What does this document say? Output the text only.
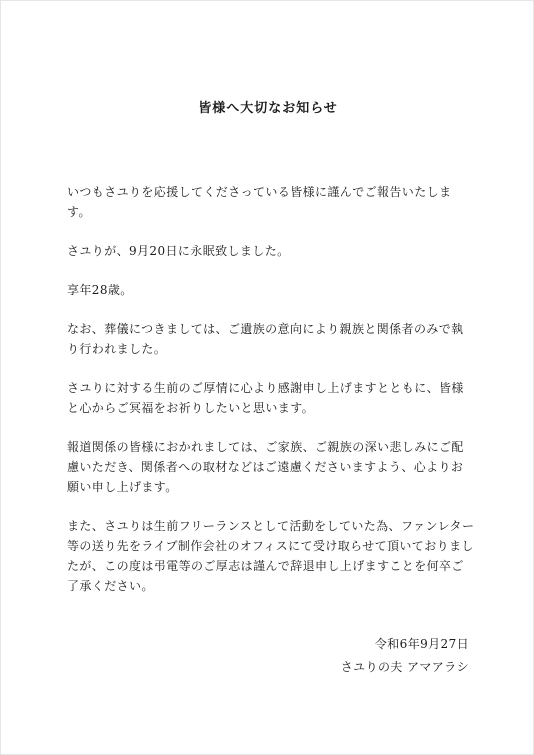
皆様へ大切なお知らせ

いつもさユりを応援してくださっている皆様に謹んでご報告いたします。

さユりが、9月20日に永眠致しました。

享年28歳。

なお、葬儀につきましては、ご遺族の意向により親族と関係者のみで執り行われました。

さユりに対する生前のご厚情に心より感謝申し上げますとともに、皆様と心からご冥福をお祈りしたいと思います。

報道関係の皆様におかれましては、ご家族、ご親族の深い悲しみにご配慮いただき、関係者への取材などはご遠慮くださいますよう、心よりお願い申し上げます。

また、さユりは生前フリーランスとして活動をしていた為、ファンレター等の送り先をライブ制作会社のオフィスにて受け取らせて頂いておりましたが、この度は弔電等のご厚志は謹んで辞退申し上げますことを何卒ご了承ください。

令和6年9月27日
さユりの夫 アマアラシ
